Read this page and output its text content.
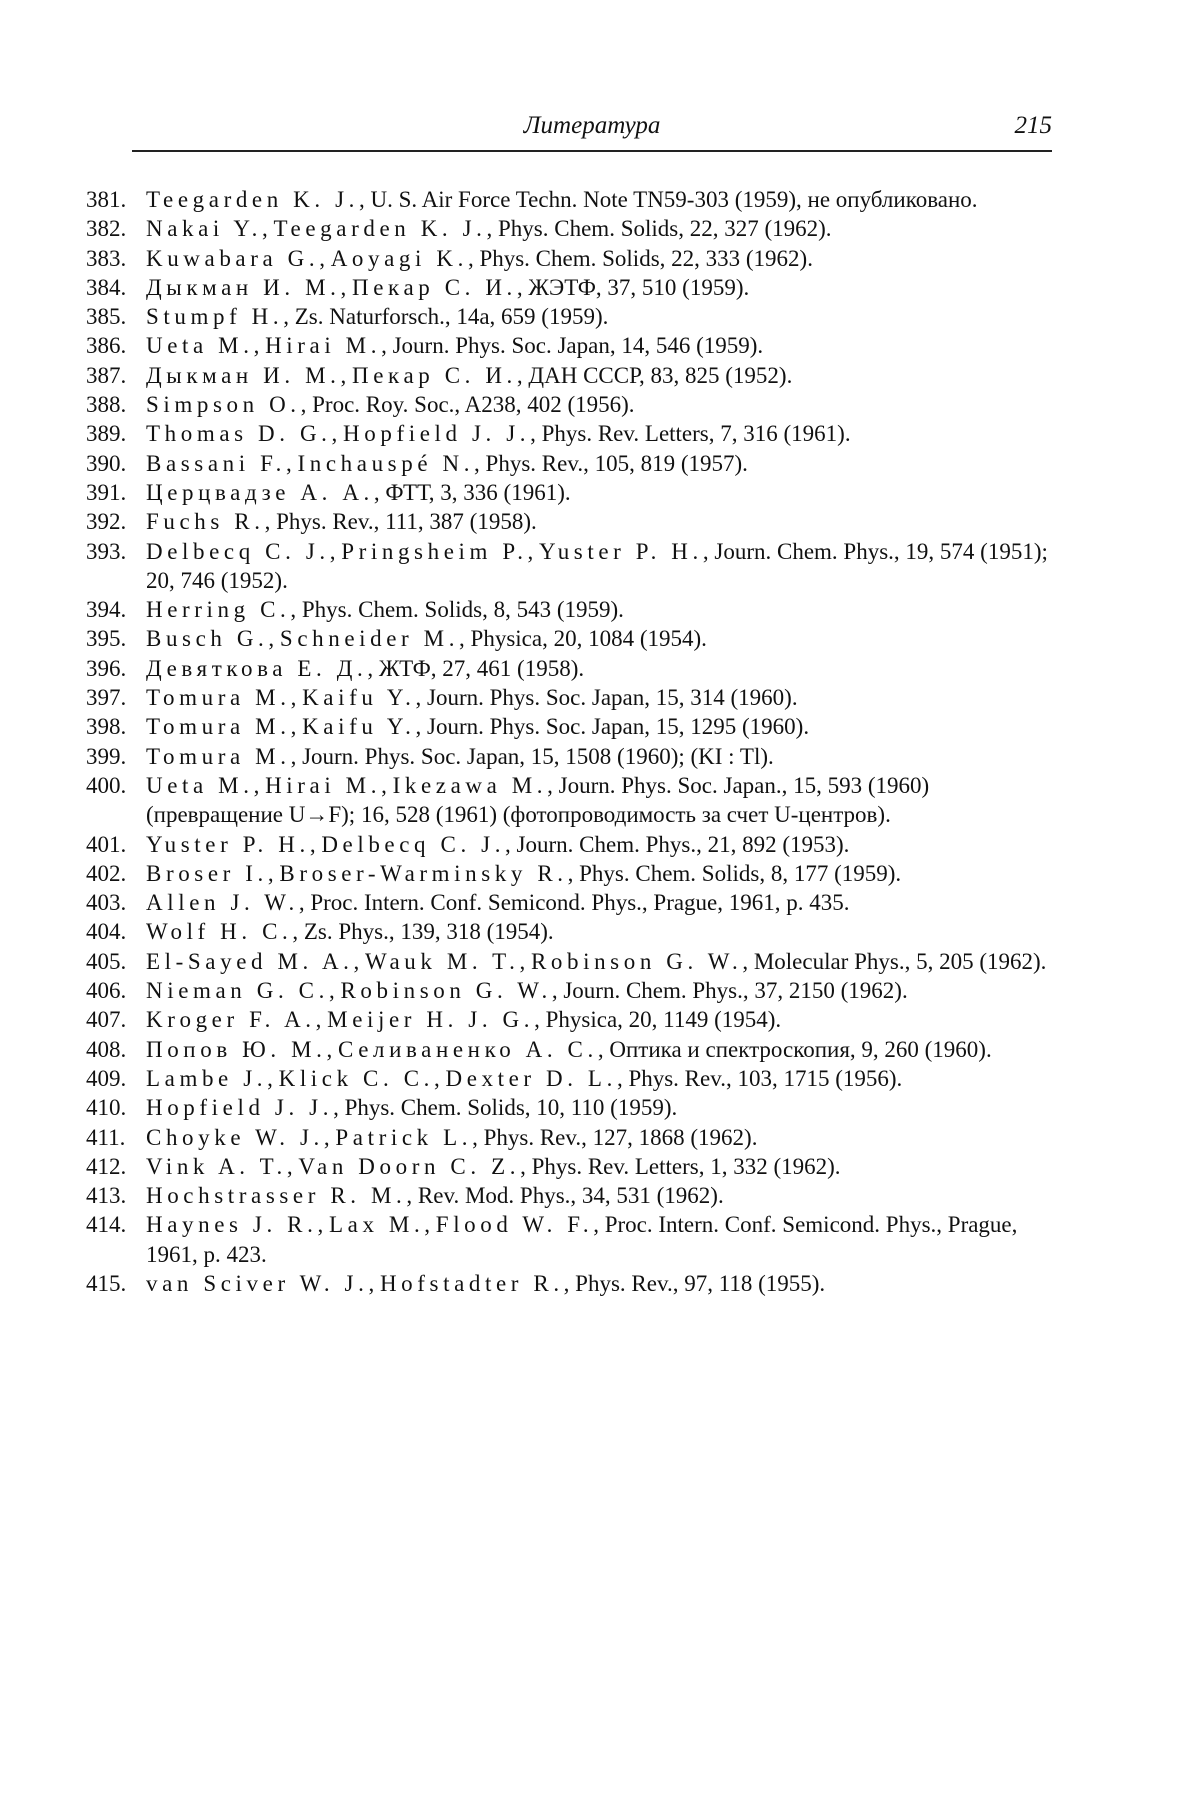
Литература	215
381. Teegarden K. J., U. S. Air Force Techn. Note TN59-303 (1959), не опубликовано.
382. Nakai Y., Teegarden K. J., Phys. Chem. Solids, 22, 327 (1962).
383. Kuwabara G., Aoyagi K., Phys. Chem. Solids, 22, 333 (1962).
384. Дыкман И. М., Пекар С. И., ЖЭТФ, 37, 510 (1959).
385. Stumpf H., Zs. Naturforsch., 14a, 659 (1959).
386. Ueta M., Hirai M., Journ. Phys. Soc. Japan, 14, 546 (1959).
387. Дыкман И. М., Пекар С. И., ДАН СССР, 83, 825 (1952).
388. Simpson O., Proc. Roy. Soc., A238, 402 (1956).
389. Thomas D. G., Hopfield J. J., Phys. Rev. Letters, 7, 316 (1961).
390. Bassani F., Inchauspé N., Phys. Rev., 105, 819 (1957).
391. Церцвадзе А. А., ФТТ, 3, 336 (1961).
392. Fuchs R., Phys. Rev., 111, 387 (1958).
393. Delbecq C. J., Pringsheim P., Yuster P. H., Journ. Chem. Phys., 19, 574 (1951); 20, 746 (1952).
394. Herring C., Phys. Chem. Solids, 8, 543 (1959).
395. Busch G., Schneider M., Physica, 20, 1084 (1954).
396. Девяткова Е. Д., ЖТФ, 27, 461 (1958).
397. Tomura M., Kaifu Y., Journ. Phys. Soc. Japan, 15, 314 (1960).
398. Tomura M., Kaifu Y., Journ. Phys. Soc. Japan, 15, 1295 (1960).
399. Tomura M., Journ. Phys. Soc. Japan, 15, 1508 (1960); (KI : Tl).
400. Ueta M., Hirai M., Ikezawa M., Journ. Phys. Soc. Japan., 15, 593 (1960) (превращение U→F); 16, 528 (1961) (фотопроводимость за счет U-центров).
401. Yuster P. H., Delbecq C. J., Journ. Chem. Phys., 21, 892 (1953).
402. Broser I., Broser-Warminsky R., Phys. Chem. Solids, 8, 177 (1959).
403. Allen J. W., Proc. Intern. Conf. Semicond. Phys., Prague, 1961, p. 435.
404. Wolf H. C., Zs. Phys., 139, 318 (1954).
405. El-Sayed M. A., Wauk M. T., Robinson G. W., Molecular Phys., 5, 205 (1962).
406. Nieman G. C., Robinson G. W., Journ. Chem. Phys., 37, 2150 (1962).
407. Kroger F. A., Meijer H. J. G., Physica, 20, 1149 (1954).
408. Попов Ю. М., Селиваненко А. С., Оптика и спектроскопия, 9, 260 (1960).
409. Lambe J., Klick C. C., Dexter D. L., Phys. Rev., 103, 1715 (1956).
410. Hopfield J. J., Phys. Chem. Solids, 10, 110 (1959).
411. Choyke W. J., Patrick L., Phys. Rev., 127, 1868 (1962).
412. Vink A. T., Van Doorn C. Z., Phys. Rev. Letters, 1, 332 (1962).
413. Hochstrasser R. M., Rev. Mod. Phys., 34, 531 (1962).
414. Haynes J. R., Lax M., Flood W. F., Proc. Intern. Conf. Semicond. Phys., Prague, 1961, p. 423.
415. van Sciver W. J., Hofstadter R., Phys. Rev., 97, 118 (1955).
